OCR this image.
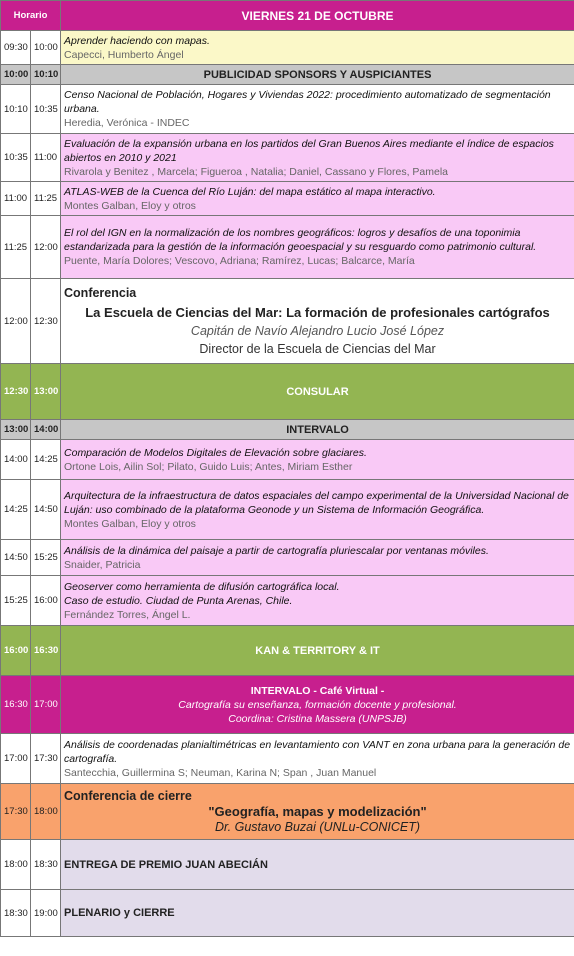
Horario		VIERNES 21 DE OCTUBRE
09:30	10:00	Aprender haciendo con mapas.
Capecci, Humberto Ángel

10:00	10:10	PUBLICIDAD SPONSORS Y AUSPICIANTES
10:10	10:35	Censo Nacional de Población, Hogares y Viviendas 2022: procedimiento automatizado de segmentación urbana.
Heredia, Verónica - INDEC

10:35	11:00	Evaluación de la expansión urbana en los partidos del Gran Buenos Aires mediante el índice de espacios abiertos en 2010 y 2021
Rivarola y Benitez , Marcela; Figueroa , Natalia; Daniel, Cassano y Flores, Pamela

11:00	11:25	ATLAS-WEB de la Cuenca del Río Luján: del mapa estático al mapa interactivo.
Montes Galban, Eloy y otros

11:25	12:00	El rol del IGN en la normalización de los nombres geográficos: logros y desafíos de una toponimia estandarizada para la gestión de la información geoespacial y su resguardo como patrimonio cultural.
Puente, María Dolores; Vescovo, Adriana; Ramírez, Lucas; Balcarce, María

12:00	12:30	Conferencia
La Escuela de Ciencias del Mar: La formación de profesionales cartógrafos
Capitán de Navío Alejandro Lucio José López
Director de la Escuela de Ciencias del Mar

12:30	13:00	CONSULAR
13:00	14:00	INTERVALO
14:00	14:25	Comparación de Modelos Digitales de Elevación sobre glaciares.
Ortone Lois, Ailin Sol; Pilato, Guido Luis; Antes, Miriam Esther

14:25	14:50	Arquitectura de la infraestructura de datos espaciales del campo experimental de la Universidad Nacional de Luján: uso combinado de la plataforma Geonode y un Sistema de Información Geográfica.
Montes Galban, Eloy y otros

14:50	15:25	Análisis de la dinámica del paisaje a partir de cartografía pluriescalar por ventanas móviles.
Snaider, Patricia

15:25	16:00	Geoserver como herramienta de difusión cartográfica local.
Caso de estudio. Ciudad de Punta Arenas, Chile.
Fernández Torres, Ángel L.

16:00	16:30	KAN & TERRITORY & IT
16:30	17:00	INTERVALO - Café Virtual -
Cartografía su enseñanza, formación docente y profesional.
Coordina: Cristina Massera (UNPSJB)

17:00	17:30	Análisis de coordenadas planialtimétricas en levantamiento con VANT en zona urbana para la generación de cartografía.
Santecchia, Guillermina S; Neuman, Karina N; Span , Juan Manuel

17:30	18:00	Conferencia de cierre
"Geografía, mapas y modelización"
Dr. Gustavo Buzai (UNLu-CONICET)

18:00	18:30	ENTREGA DE PREMIO JUAN ABECIÁN
18:30	19:00	PLENARIO y CIERRE
